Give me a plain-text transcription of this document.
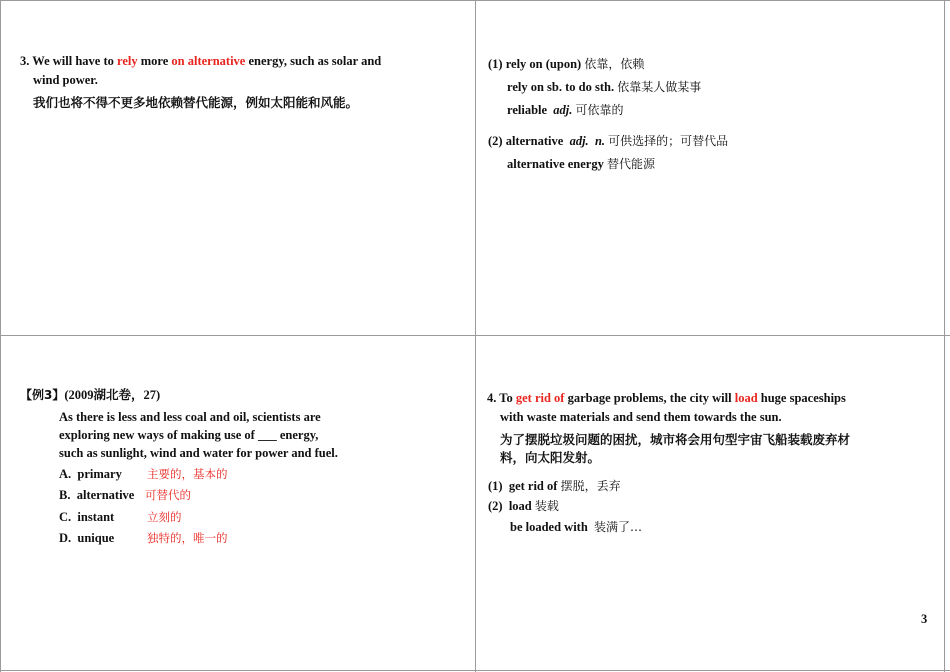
3. We will have to rely more on alternative energy, such as solar and
wind power.
我们也将不得不更多地依赖替代能源，例如太阳能和风能。
(1) rely on (upon) 依靠，依赖
rely on sb. to do sth. 依靠某人做某事
reliable adj. 可依靠的
(2) alternative adj. n. 可供选择的；可替代品
alternative energy 替代能源
【例3】(2009湖北卷，27)
As there is less and less coal and oil, scientists are
exploring new ways of making use of ___ energy,
such as sunlight, wind and water for power and fuel.
A. primary 主要的，基本的
B. alternative 可替代的
C. instant	立刻的
D. unique	独特的，唯一的
4. To get rid of garbage problems, the city will load huge spaceships
with waste materials and send them towards the sun.
为了摆脱垃圾问题的困扰，城市将会用句型宇宙飞船装载废弃材
料，向太阳发射。
(1) get rid of 摆脱，丢弃
(2) load 装载
be loaded with 装满了…
3
